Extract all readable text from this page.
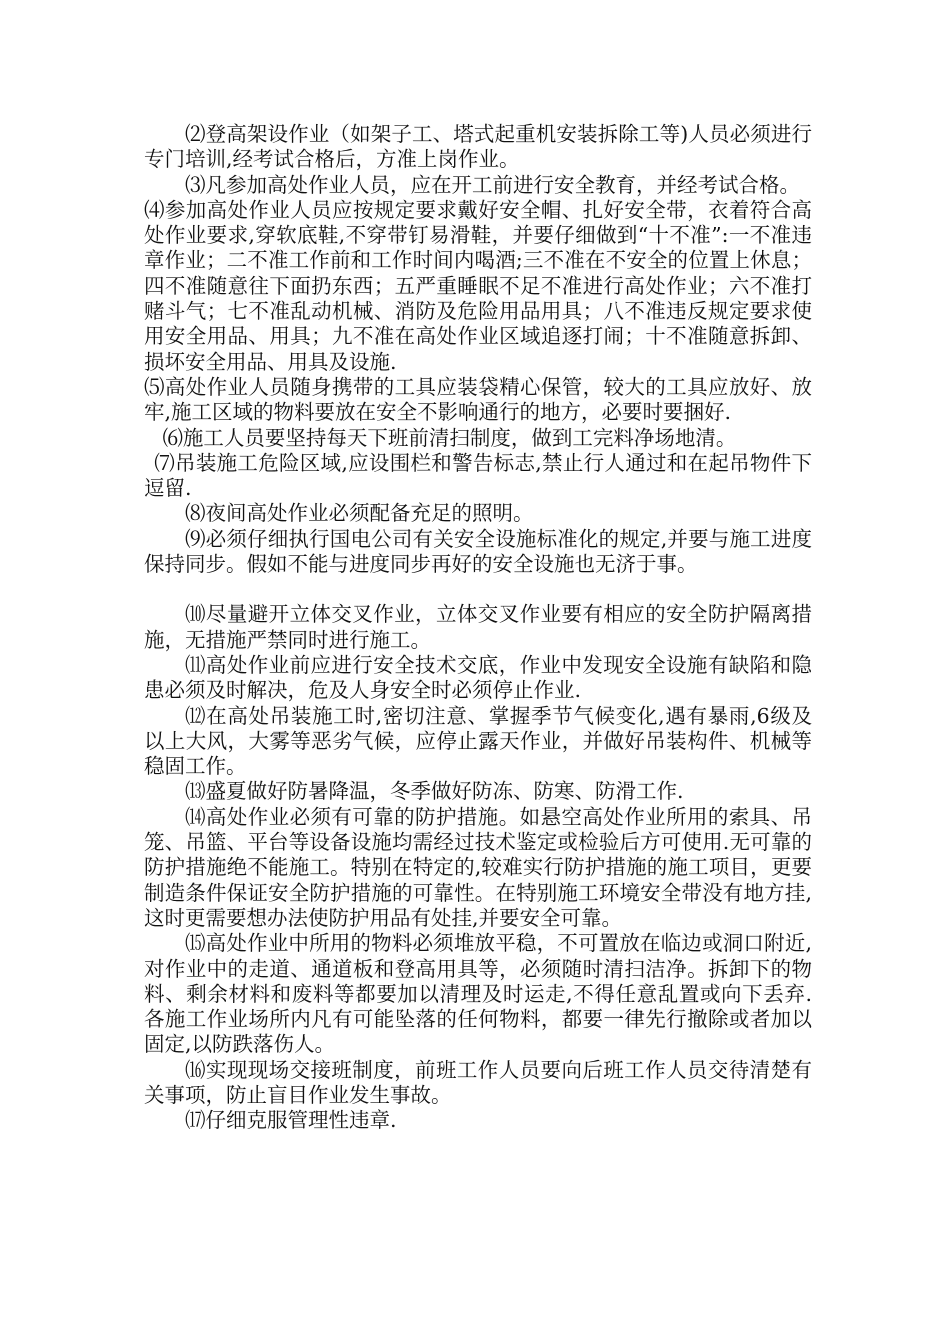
⑵登高架设作业（如架子工、塔式起重机安装拆除工等)人员必须进行专门培训,经考试合格后，方准上岗作业。

⑶凡参加高处作业人员，应在开工前进行安全教育，并经考试合格。

⑷参加高处作业人员应按规定要求戴好安全帽、扎好安全带，衣着符合高处作业要求,穿软底鞋,不穿带钉易滑鞋，并要仔细做到“十不准”:一不准违章作业；二不准工作前和工作时间内喝酒;三不准在不安全的位置上休息；四不准随意往下面扔东西；五严重睡眠不足不准进行高处作业；六不准打赌斗气；七不准乱动机械、消防及危险用品用具；八不准违反规定要求使用安全用品、用具；九不准在高处作业区域追逐打闹；十不准随意拆卸、损坏安全用品、用具及设施.

⑸高处作业人员随身携带的工具应装袋精心保管，较大的工具应放好、放牢,施工区域的物料要放在安全不影响通行的地方，必要时要捆好.

⑹施工人员要坚持每天下班前清扫制度，做到工完料净场地清。

⑺吊装施工危险区域,应设围栏和警告标志,禁止行人通过和在起吊物件下逗留.

⑻夜间高处作业必须配备充足的照明。

⑼必须仔细执行国电公司有关安全设施标准化的规定,并要与施工进度保持同步。假如不能与进度同步再好的安全设施也无济于事。

⑽尽量避开立体交叉作业，立体交叉作业要有相应的安全防护隔离措施，无措施严禁同时进行施工。

⑾高处作业前应进行安全技术交底，作业中发现安全设施有缺陷和隐患必须及时解决，危及人身安全时必须停止作业.

⑿在高处吊装施工时,密切注意、掌握季节气候变化,遇有暴雨,6级及以上大风，大雾等恶劣气候，应停止露天作业，并做好吊装构件、机械等稳固工作。

⒀盛夏做好防暑降温，冬季做好防冻、防寒、防滑工作.

⒁高处作业必须有可靠的防护措施。如悬空高处作业所用的索具、吊笼、吊篮、平台等设备设施均需经过技术鉴定或检验后方可使用.无可靠的防护措施绝不能施工。特别在特定的,较难实行防护措施的施工项目，更要制造条件保证安全防护措施的可靠性。在特别施工环境安全带没有地方挂,这时更需要想办法使防护用品有处挂,并要安全可靠。

⒂高处作业中所用的物料必须堆放平稳，不可置放在临边或洞口附近,对作业中的走道、通道板和登高用具等，必须随时清扫洁净。拆卸下的物料、剩余材料和废料等都要加以清理及时运走,不得任意乱置或向下丢弃.各施工作业场所内凡有可能坠落的任何物料，都要一律先行撤除或者加以固定,以防跌落伤人。

⒃实现现场交接班制度，前班工作人员要向后班工作人员交待清楚有关事项，防止盲目作业发生事故。

⒄仔细克服管理性违章.
